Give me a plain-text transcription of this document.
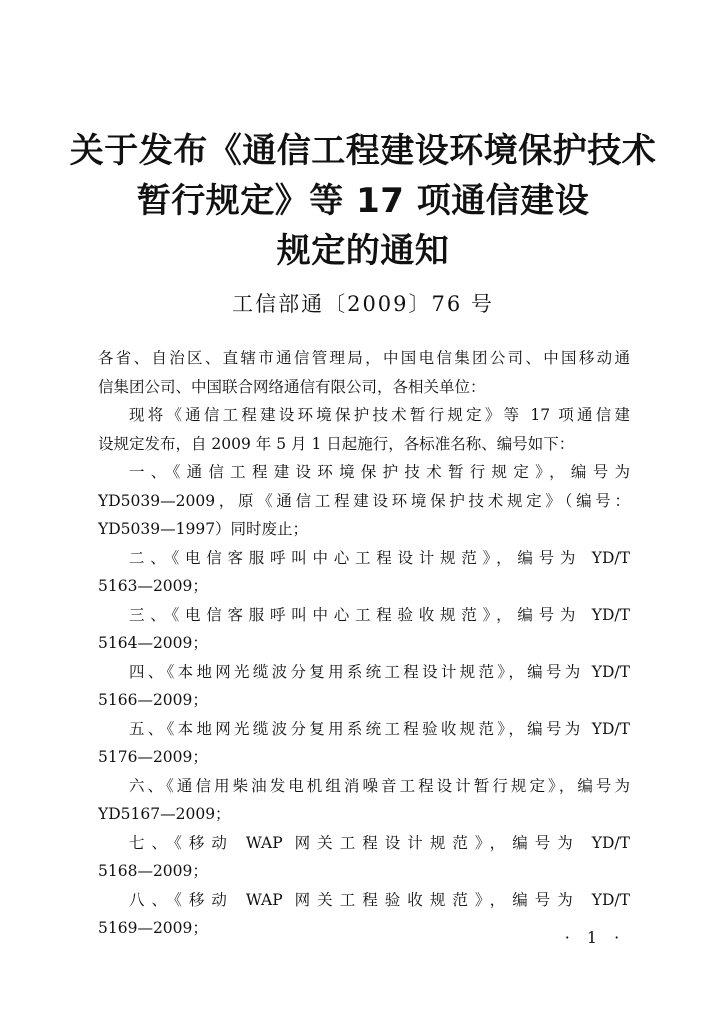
关于发布《通信工程建设环境保护技术
暂行规定》等 17 项通信建设
规定的通知
工信部通〔2009〕76 号
各省、自治区、直辖市通信管理局，中国电信集团公司、中国移动通
信集团公司、中国联合网络通信有限公司，各相关单位：
现将《通信工程建设环境保护技术暂行规定》等 17 项通信建
设规定发布，自 2009 年 5 月 1 日起施行，各标准名称、编号如下：
一、《通信工程建设环境保护技术暂行规定》，编号为
YD5039—2009，原《通信工程建设环境保护技术规定》（编号：
YD5039—1997）同时废止；
二、《电信客服呼叫中心工程设计规范》，编号为 YD/T
5163—2009；
三、《电信客服呼叫中心工程验收规范》，编号为 YD/T
5164—2009；
四、《本地网光缆波分复用系统工程设计规范》，编号为 YD/T
5166—2009；
五、《本地网光缆波分复用系统工程验收规范》，编号为 YD/T
5176—2009；
六、《通信用柴油发电机组消噪音工程设计暂行规定》，编号为
YD5167—2009；
七、《移动 WAP 网关工程设计规范》，编号为 YD/T
5168—2009；
八、《移动 WAP 网关工程验收规范》，编号为 YD/T
5169—2009；	· 1 ·
